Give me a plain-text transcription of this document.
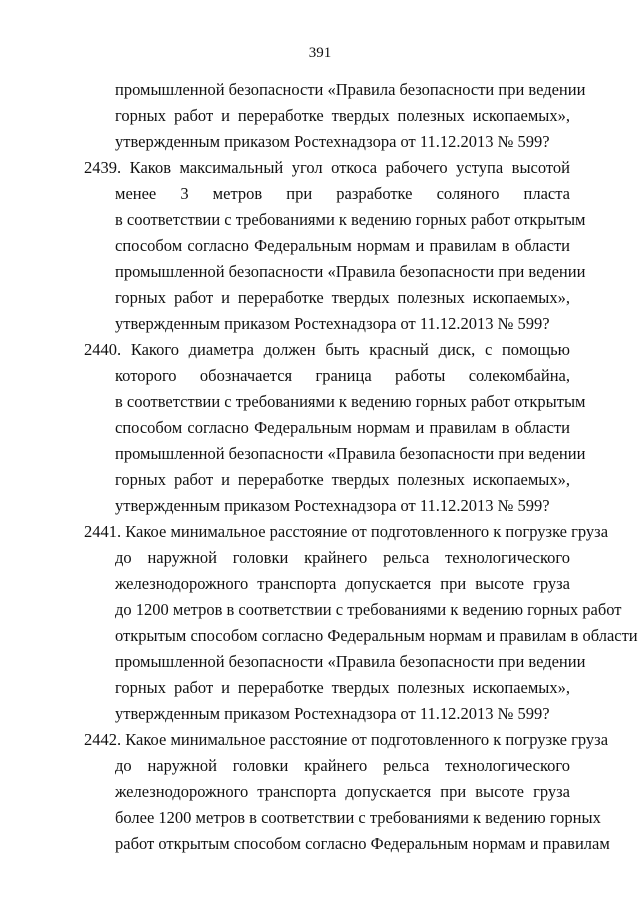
391
промышленной безопасности «Правила безопасности при ведении
горных работ и переработке твердых полезных ископаемых»,
утвержденным приказом Ростехнадзора от 11.12.2013 № 599?
2439. Каков максимальный угол откоса рабочего уступа высотой
менее 3 метров при разработке соляного пласта
в соответствии с требованиями к ведению горных работ открытым
способом согласно Федеральным нормам и правилам в области
промышленной безопасности «Правила безопасности при ведении
горных работ и переработке твердых полезных ископаемых»,
утвержденным приказом Ростехнадзора от 11.12.2013 № 599?
2440. Какого диаметра должен быть красный диск, с помощью
которого обозначается граница работы солекомбайна,
в соответствии с требованиями к ведению горных работ открытым
способом согласно Федеральным нормам и правилам в области
промышленной безопасности «Правила безопасности при ведении
горных работ и переработке твердых полезных ископаемых»,
утвержденным приказом Ростехнадзора от 11.12.2013 № 599?
2441. Какое минимальное расстояние от подготовленного к погрузке груза
до наружной головки крайнего рельса технологического
железнодорожного транспорта допускается при высоте груза
до 1200 метров в соответствии с требованиями к ведению горных работ
открытым способом согласно Федеральным нормам и правилам в области
промышленной безопасности «Правила безопасности при ведении
горных работ и переработке твердых полезных ископаемых»,
утвержденным приказом Ростехнадзора от 11.12.2013 № 599?
2442. Какое минимальное расстояние от подготовленного к погрузке груза
до наружной головки крайнего рельса технологического
железнодорожного транспорта допускается при высоте груза
более 1200 метров в соответствии с требованиями к ведению горных
работ открытым способом согласно Федеральным нормам и правилам
